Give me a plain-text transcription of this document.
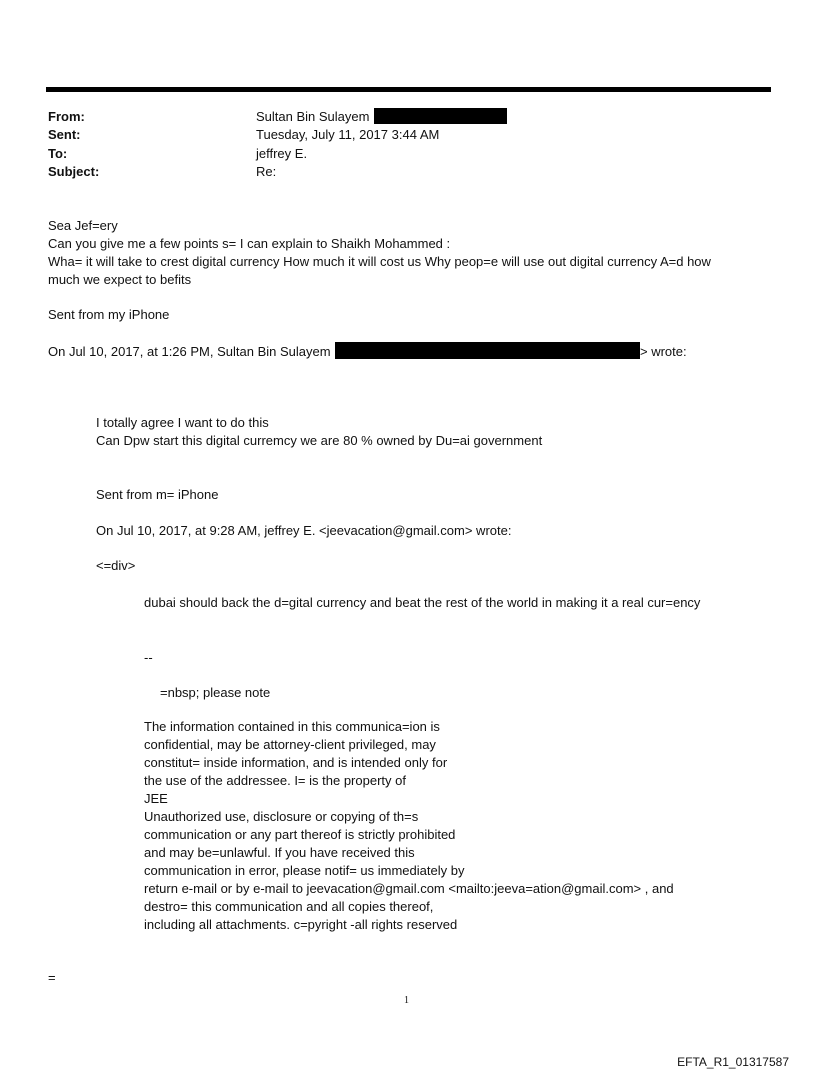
From:	Sultan Bin Sulayem
Sent:	Tuesday, July 11, 2017 3:44 AM
To:	jeffrey E.
Subject:	Re:
Sea Jef=ery
Can you give me a few points s= I can explain to Shaikh Mohammed :
Wha= it will take to crest digital currency How much it will cost us Why peop=e will use out digital currency A=d how
much we expect to befits
Sent from my iPhone
On Jul 10, 2017, at 1:26 PM, Sultan Bin Sulayem	> wrote:
I totally agree I want to do this
Can Dpw start this digital curremcy we are 80 % owned by Du=ai government
Sent from m= iPhone
On Jul 10, 2017, at 9:28 AM, jeffrey E. <jeevacation@gmail.com> wrote:
<=div>
dubai should back the d=gital currency and beat the rest of the world in making it a real cur=ency
--
=nbsp; please note
The information contained in this communica=ion is
confidential, may be attorney-client privileged, may
constitut= inside information, and is intended only for
the use of the addressee. I= is the property of
JEE
Unauthorized use, disclosure or copying of th=s
communication or any part thereof is strictly prohibited
and may be=unlawful. If you have received this
communication in error, please notif= us immediately by
return e-mail or by e-mail to jeevacation@gmail.com <mailto:jeeva=ation@gmail.com> , and
destro= this communication and all copies thereof,
including all attachments. c=pyright -all rights reserved
=
1
EFTA_R1_01317587
